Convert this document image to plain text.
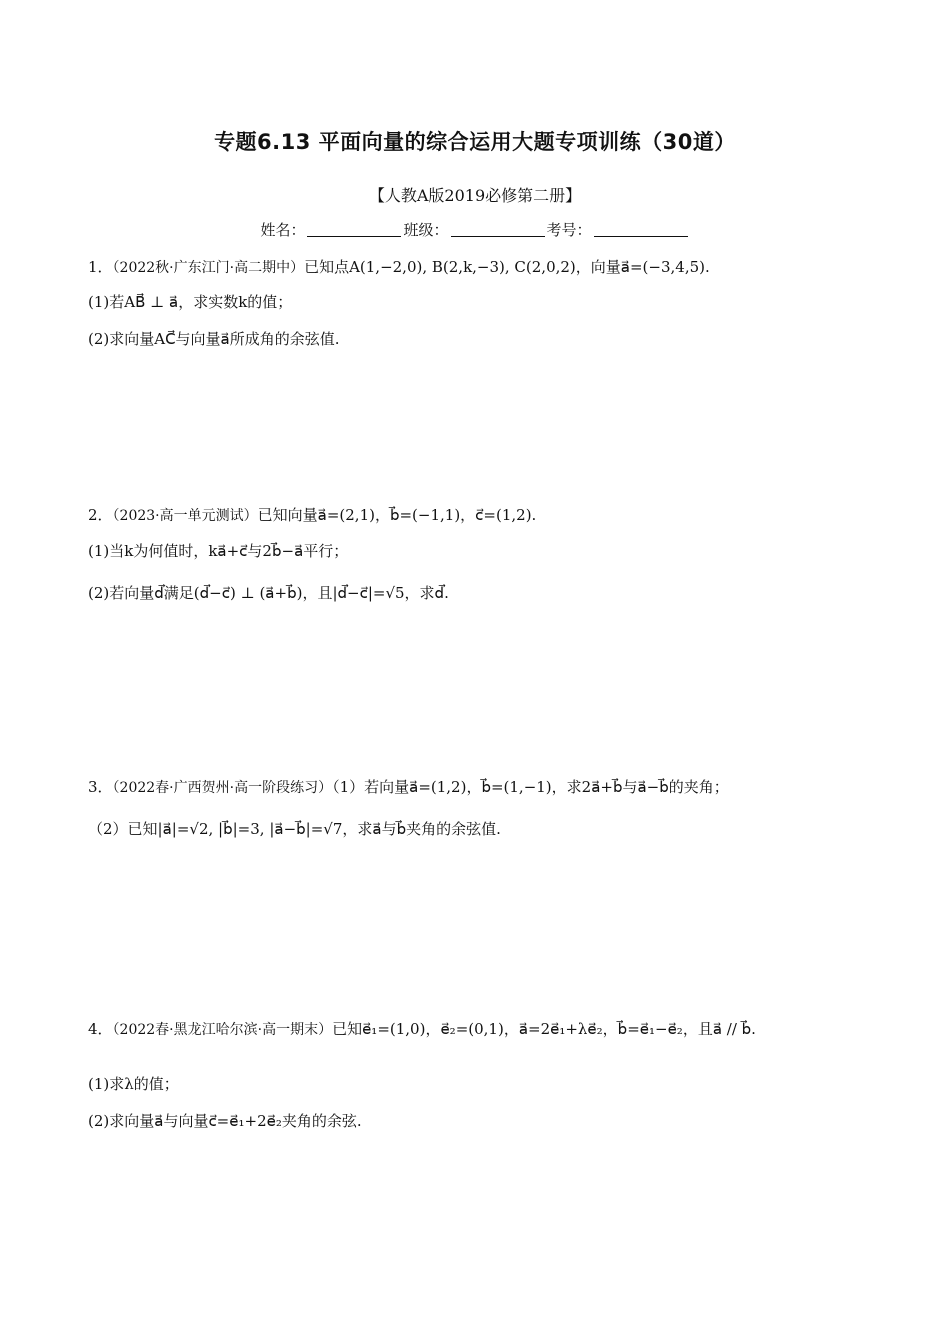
专题6.13 平面向量的综合运用大题专项训练（30道）
【人教A版2019必修第二册】
姓名：	班级：	考号：
1．（2022秋·广东江门·高二期中）已知点A(1,−2,0), B(2,k,−3), C(2,0,2)，向量a⃗=(−3,4,5).
(1)若AB⃗ ⊥ a⃗，求实数k的值；
(2)求向量AC⃗与向量a⃗所成角的余弦值.
2．（2023·高一单元测试）已知向量a⃗=(2,1)，b⃗=(−1,1)，c⃗=(1,2).
(1)当k为何值时，ka⃗+c⃗与2b⃗−a⃗平行；
(2)若向量d⃗满足(d⃗−c⃗) ⊥ (a⃗+b⃗)，且|d⃗−c⃗|=√5，求d⃗.
3．（2022春·广西贺州·高一阶段练习）（1）若向量a⃗=(1,2)，b⃗=(1,−1)，求2a⃗+b⃗与a⃗−b⃗的夹角；
（2）已知|a⃗|=√2, |b⃗|=3, |a⃗−b⃗|=√7，求a⃗与b⃗夹角的余弦值.
4．（2022春·黑龙江哈尔滨·高一期末）已知e⃗₁=(1,0)，e⃗₂=(0,1)，a⃗=2e⃗₁+λe⃗₂，b⃗=e⃗₁−e⃗₂，且a⃗ // b⃗.
(1)求λ的值；
(2)求向量a⃗与向量c⃗=e⃗₁+2e⃗₂夹角的余弦.
